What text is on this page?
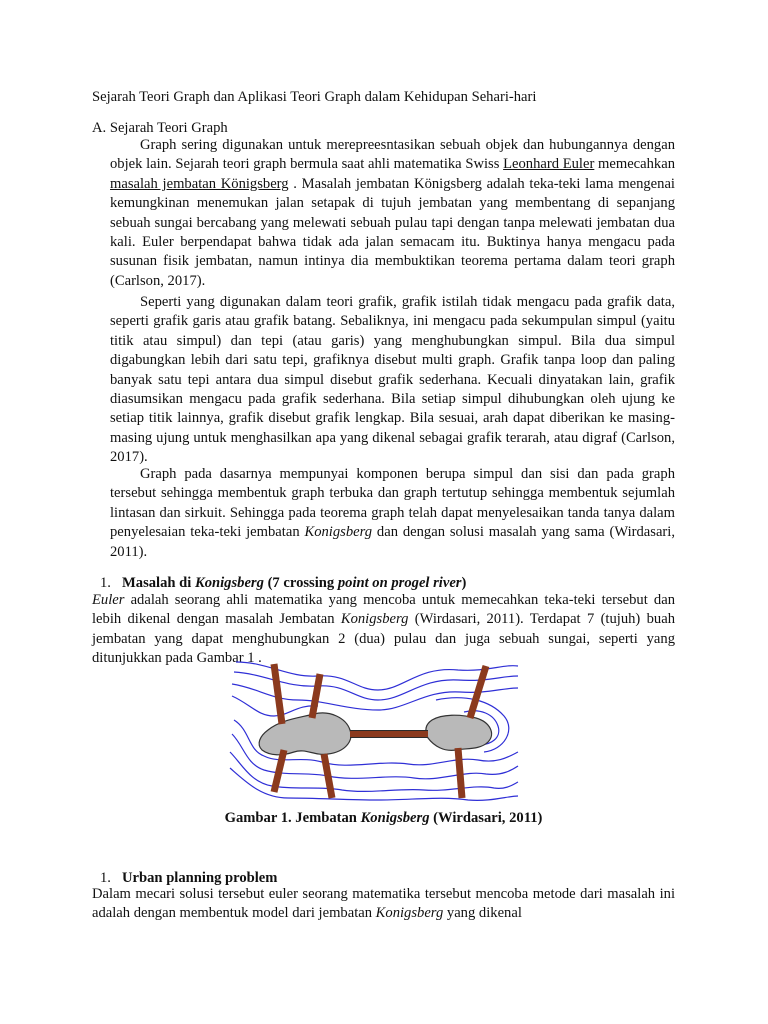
Sejarah Teori Graph dan Aplikasi Teori Graph dalam Kehidupan Sehari-hari
A. Sejarah Teori Graph

Graph sering digunakan untuk merepreesntasikan sebuah objek dan hubungannya dengan objek lain. Sejarah teori graph bermula saat ahli matematika Swiss Leonhard Euler memecahkan masalah jembatan Königsberg . Masalah jembatan Königsberg adalah teka-teki lama mengenai kemungkinan menemukan jalan setapak di tujuh jembatan yang membentang di sepanjang sebuah sungai bercabang yang melewati sebuah pulau tapi dengan tanpa melewati jembatan dua kali. Euler berpendapat bahwa tidak ada jalan semacam itu. Buktinya hanya mengacu pada susunan fisik jembatan, namun intinya dia membuktikan teorema pertama dalam teori graph (Carlson, 2017).

Seperti yang digunakan dalam teori grafik, grafik istilah tidak mengacu pada grafik data, seperti grafik garis atau grafik batang. Sebaliknya, ini mengacu pada sekumpulan simpul (yaitu titik atau simpul) dan tepi (atau garis) yang menghubungkan simpul. Bila dua simpul digabungkan lebih dari satu tepi, grafiknya disebut multi graph. Grafik tanpa loop dan paling banyak satu tepi antara dua simpul disebut grafik sederhana. Kecuali dinyatakan lain, grafik diasumsikan mengacu pada grafik sederhana. Bila setiap simpul dihubungkan oleh ujung ke setiap titik lainnya, grafik disebut grafik lengkap. Bila sesuai, arah dapat diberikan ke masing-masing ujung untuk menghasilkan apa yang dikenal sebagai grafik terarah, atau digraf (Carlson, 2017).

Graph pada dasarnya mempunyai komponen berupa simpul dan sisi dan pada graph tersebut sehingga membentuk graph terbuka dan graph tertutup sehingga membentuk sejumlah lintasan dan sirkuit. Sehingga pada teorema graph telah dapat menyelesaikan tanda tanya dalam penyelesaian teka-teki jembatan Konigsberg dan dengan solusi masalah yang sama (Wirdasari, 2011).

1. Masalah di Konigsberg (7 crossing point on progel river)

Euler adalah seorang ahli matematika yang mencoba untuk memecahkan teka-teki tersebut dan lebih dikenal dengan masalah Jembatan Konigsberg (Wirdasari, 2011). Terdapat 7 (tujuh) buah jembatan yang dapat menghubungkan 2 (dua) pulau dan juga sebuah sungai, seperti yang ditunjukkan pada Gambar 1 .

Gambar 1. Jembatan Konigsberg (Wirdasari, 2011)
1. Urban planning problem

Dalam mecari solusi tersebut euler seorang matematika tersebut mencoba metode dari masalah ini adalah dengan membentuk model dari jembatan Konigsberg yang dikenal
